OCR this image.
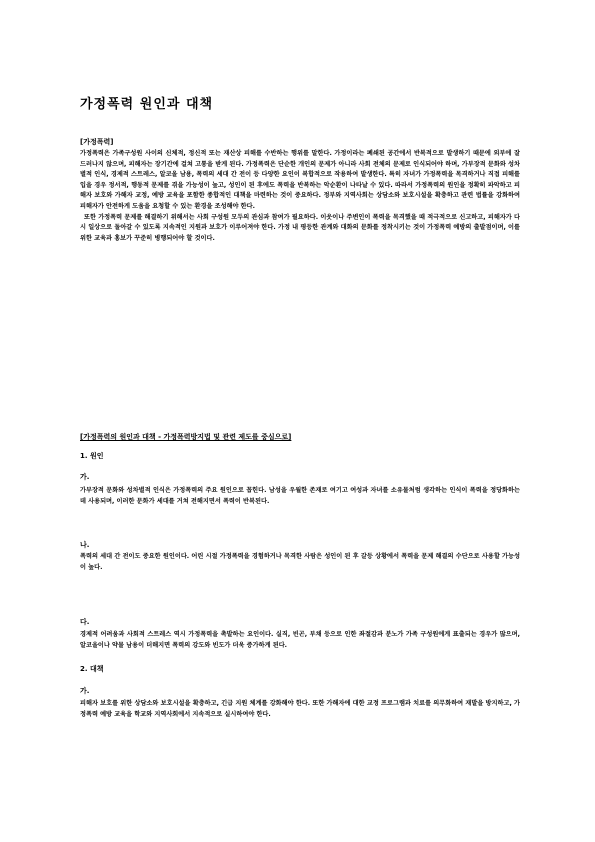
가정폭력 원인과 대책
[가정폭력]

가정폭력은 가족구성원 사이의 신체적, 정신적 또는 재산상 피해를 수반하는 행위를 말한다. 가정이라는 폐쇄된 공간에서 반복적으로 발생하기 때문에 외부에 잘 드러나지 않으며, 피해자는 장기간에 걸쳐 고통을 받게 된다. 가정폭력은 단순한 개인의 문제가 아니라 사회 전체의 문제로 인식되어야 하며, 가부장적 문화와 성차별적 인식, 경제적 스트레스, 알코올 남용, 폭력의 세대 간 전이 등 다양한 요인이 복합적으로 작용하여 발생한다. 특히 자녀가 가정폭력을 목격하거나 직접 피해를 입을 경우 정서적, 행동적 문제를 겪을 가능성이 높고, 성인이 된 후에도 폭력을 반복하는 악순환이 나타날 수 있다. 따라서 가정폭력의 원인을 정확히 파악하고 피해자 보호와 가해자 교정, 예방 교육을 포함한 종합적인 대책을 마련하는 것이 중요하다. 정부와 지역사회는 상담소와 보호시설을 확충하고 관련 법률을 강화하여 피해자가 안전하게 도움을 요청할 수 있는 환경을 조성해야 한다.

또한 가정폭력 문제를 해결하기 위해서는 사회 구성원 모두의 관심과 참여가 필요하다. 이웃이나 주변인이 폭력을 목격했을 때 적극적으로 신고하고, 피해자가 다시 일상으로 돌아갈 수 있도록 지속적인 지원과 보호가 이루어져야 한다. 가정 내 평등한 관계와 대화의 문화를 정착시키는 것이 가정폭력 예방의 출발점이며, 이를 위한 교육과 홍보가 꾸준히 병행되어야 할 것이다.

[가정폭력의 원인과 대책 - 가정폭력방지법 및 관련 제도를 중심으로]
1. 원인
가.
가부장적 문화와 성차별적 인식은 가정폭력의 주요 원인으로 꼽힌다. 남성을 우월한 존재로 여기고 여성과 자녀를 소유물처럼 생각하는 인식이 폭력을 정당화하는 데 사용되며, 이러한 문화가 세대를 거쳐 전해지면서 폭력이 반복된다.
나.
폭력의 세대 간 전이도 중요한 원인이다. 어린 시절 가정폭력을 경험하거나 목격한 사람은 성인이 된 후 갈등 상황에서 폭력을 문제 해결의 수단으로 사용할 가능성이 높다.
다.
경제적 어려움과 사회적 스트레스 역시 가정폭력을 촉발하는 요인이다. 실직, 빈곤, 부채 등으로 인한 좌절감과 분노가 가족 구성원에게 표출되는 경우가 많으며, 알코올이나 약물 남용이 더해지면 폭력의 강도와 빈도가 더욱 증가하게 된다.
2. 대책
가.
피해자 보호를 위한 상담소와 보호시설을 확충하고, 긴급 지원 체계를 강화해야 한다. 또한 가해자에 대한 교정 프로그램과 치료를 의무화하여 재발을 방지하고, 가정폭력 예방 교육을 학교와 지역사회에서 지속적으로 실시하여야 한다.
